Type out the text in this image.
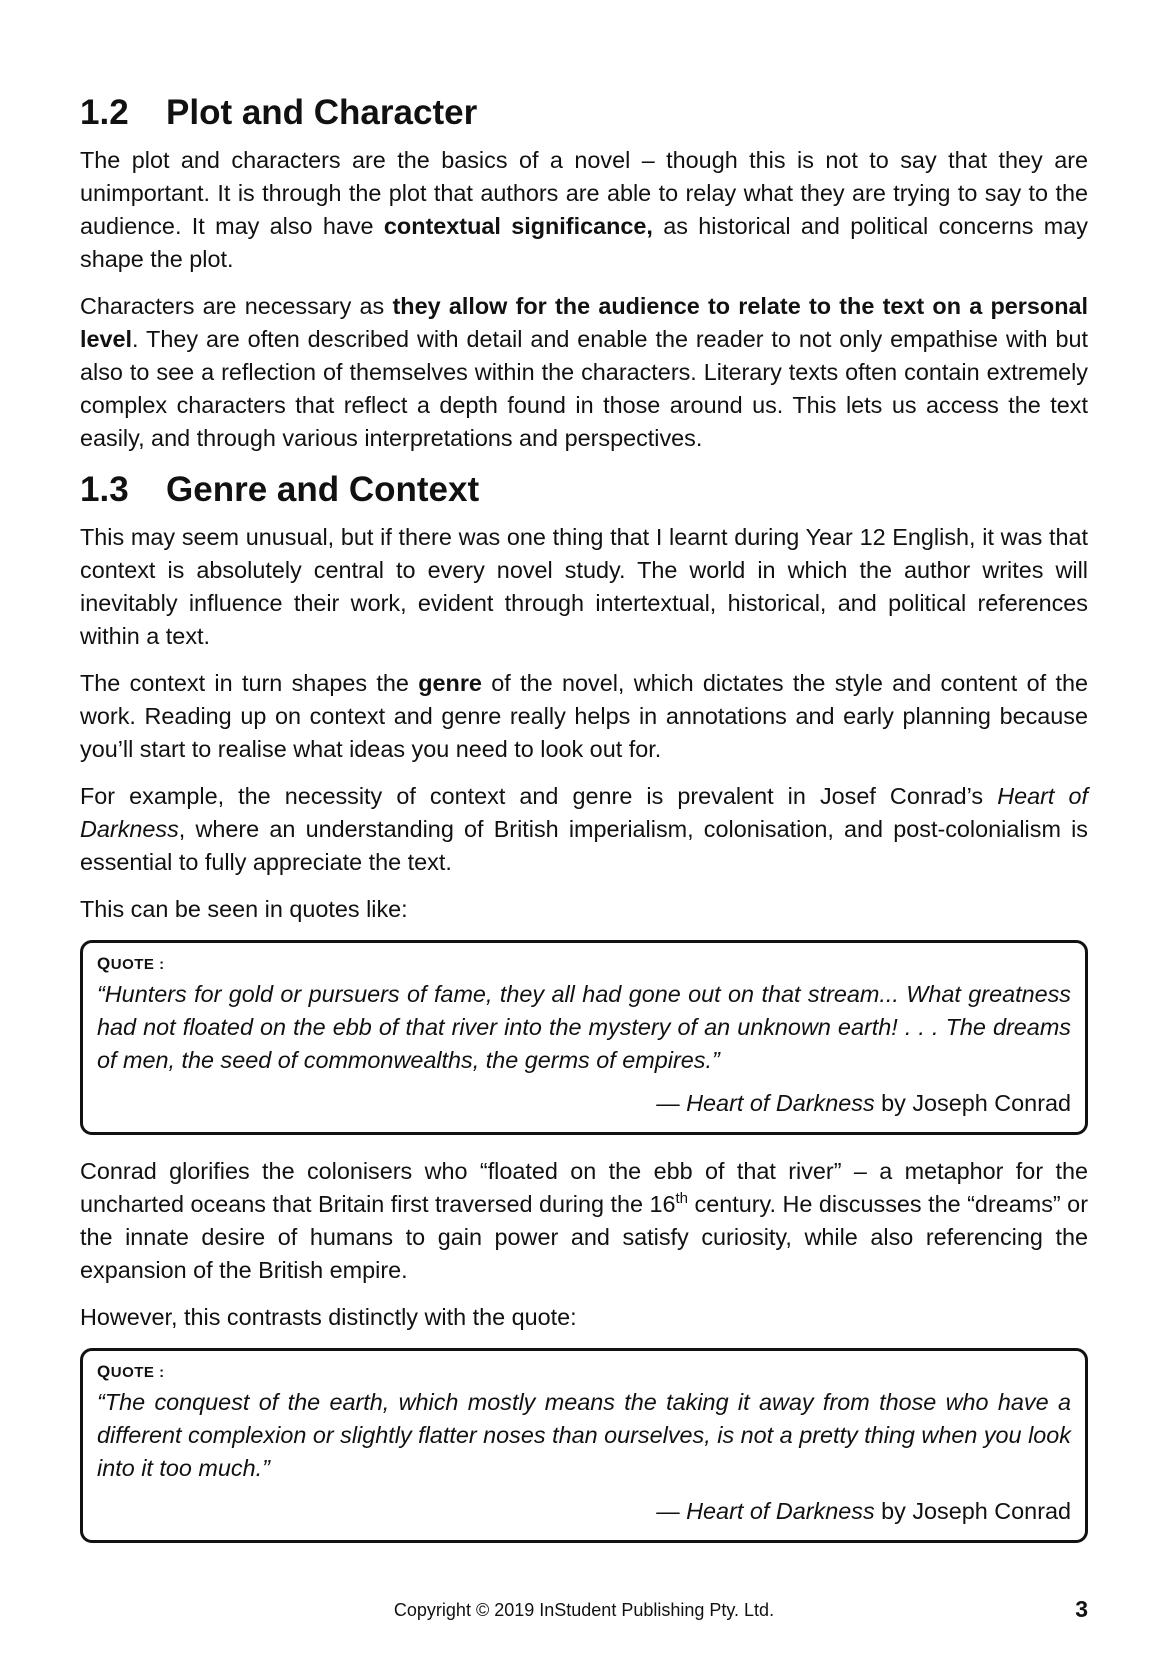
1.2 Plot and Character

The plot and characters are the basics of a novel – though this is not to say that they are unimportant. It is through the plot that authors are able to relay what they are trying to say to the audience. It may also have contextual significance, as historical and political concerns may shape the plot.

Characters are necessary as they allow for the audience to relate to the text on a personal level. They are often described with detail and enable the reader to not only empathise with but also to see a reflection of themselves within the characters. Literary texts often contain extremely complex characters that reflect a depth found in those around us. This lets us access the text easily, and through various interpretations and perspectives.

1.3 Genre and Context

This may seem unusual, but if there was one thing that I learnt during Year 12 English, it was that context is absolutely central to every novel study. The world in which the author writes will inevitably influence their work, evident through intertextual, historical, and political references within a text.

The context in turn shapes the genre of the novel, which dictates the style and content of the work. Reading up on context and genre really helps in annotations and early planning because you’ll start to realise what ideas you need to look out for.

For example, the necessity of context and genre is prevalent in Josef Conrad’s Heart of Darkness, where an understanding of British imperialism, colonisation, and post-colonialism is essential to fully appreciate the text.

This can be seen in quotes like:

QUOTE :

“Hunters for gold or pursuers of fame, they all had gone out on that stream... What greatness had not floated on the ebb of that river into the mystery of an unknown earth! . . . The dreams of men, the seed of commonwealths, the germs of empires.”

— Heart of Darkness by Joseph Conrad

Conrad glorifies the colonisers who “floated on the ebb of that river” – a metaphor for the uncharted oceans that Britain first traversed during the 16th century. He discusses the “dreams” or the innate desire of humans to gain power and satisfy curiosity, while also referencing the expansion of the British empire.

However, this contrasts distinctly with the quote:

QUOTE :

“The conquest of the earth, which mostly means the taking it away from those who have a different complexion or slightly flatter noses than ourselves, is not a pretty thing when you look into it too much.”

— Heart of Darkness by Joseph Conrad
Copyright © 2019 InStudent Publishing Pty. Ltd.	3
